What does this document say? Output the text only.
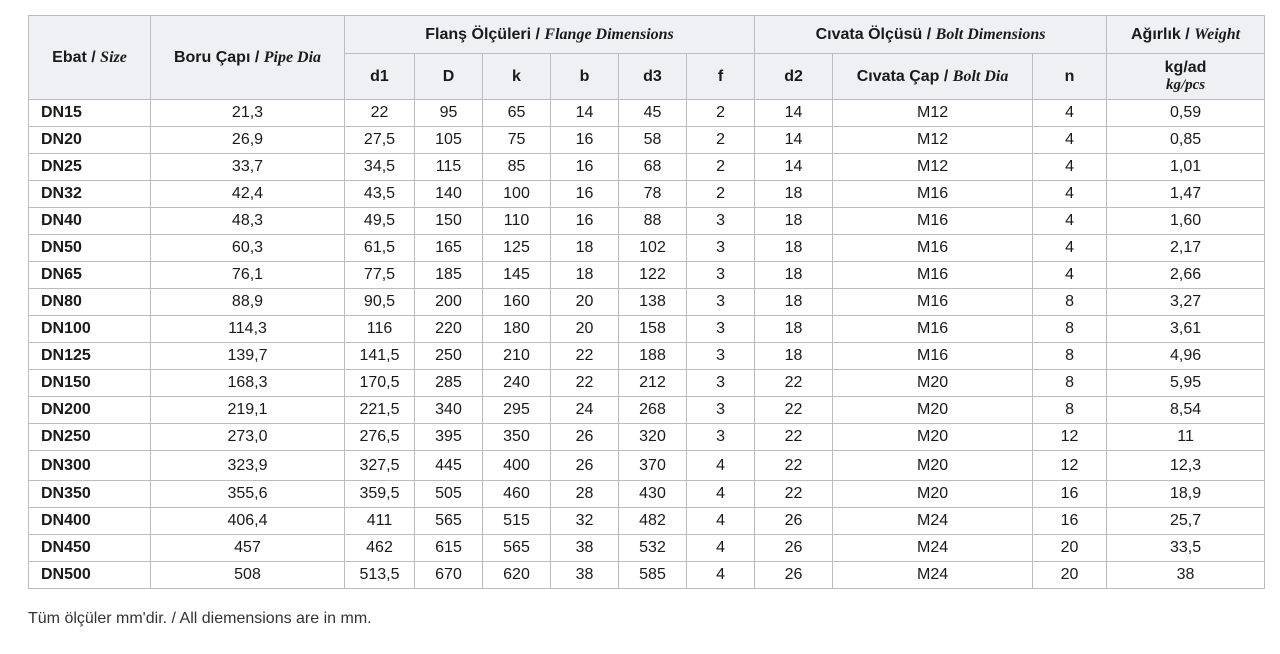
Ebat / Size	Boru Çapı / Pipe Dia	Flanş Ölçüleri / Flange Dimensions						Cıvata Ölçüsü / Bolt Dimensions			Ağırlık / Weight
		d1	D	k	b	d3	f	d2	Cıvata Çap / Bolt Dia	n	kg/ad
kg/pcs

DN15	21,3	22	95	65	14	45	2	14	M12	4	0,59
DN20	26,9	27,5	105	75	16	58	2	14	M12	4	0,85
DN25	33,7	34,5	115	85	16	68	2	14	M12	4	1,01
DN32	42,4	43,5	140	100	16	78	2	18	M16	4	1,47
DN40	48,3	49,5	150	110	16	88	3	18	M16	4	1,60
DN50	60,3	61,5	165	125	18	102	3	18	M16	4	2,17
DN65	76,1	77,5	185	145	18	122	3	18	M16	4	2,66
DN80	88,9	90,5	200	160	20	138	3	18	M16	8	3,27
DN100	114,3	116	220	180	20	158	3	18	M16	8	3,61
DN125	139,7	141,5	250	210	22	188	3	18	M16	8	4,96
DN150	168,3	170,5	285	240	22	212	3	22	M20	8	5,95
DN200	219,1	221,5	340	295	24	268	3	22	M20	8	8,54
DN250	273,0	276,5	395	350	26	320	3	22	M20	12	11
DN300	323,9	327,5	445	400	26	370	4	22	M20	12	12,3
DN350	355,6	359,5	505	460	28	430	4	22	M20	16	18,9
DN400	406,4	411	565	515	32	482	4	26	M24	16	25,7
DN450	457	462	615	565	38	532	4	26	M24	20	33,5
DN500	508	513,5	670	620	38	585	4	26	M24	20	38
Tüm ölçüler mm'dir. / All diemensions are in mm.
